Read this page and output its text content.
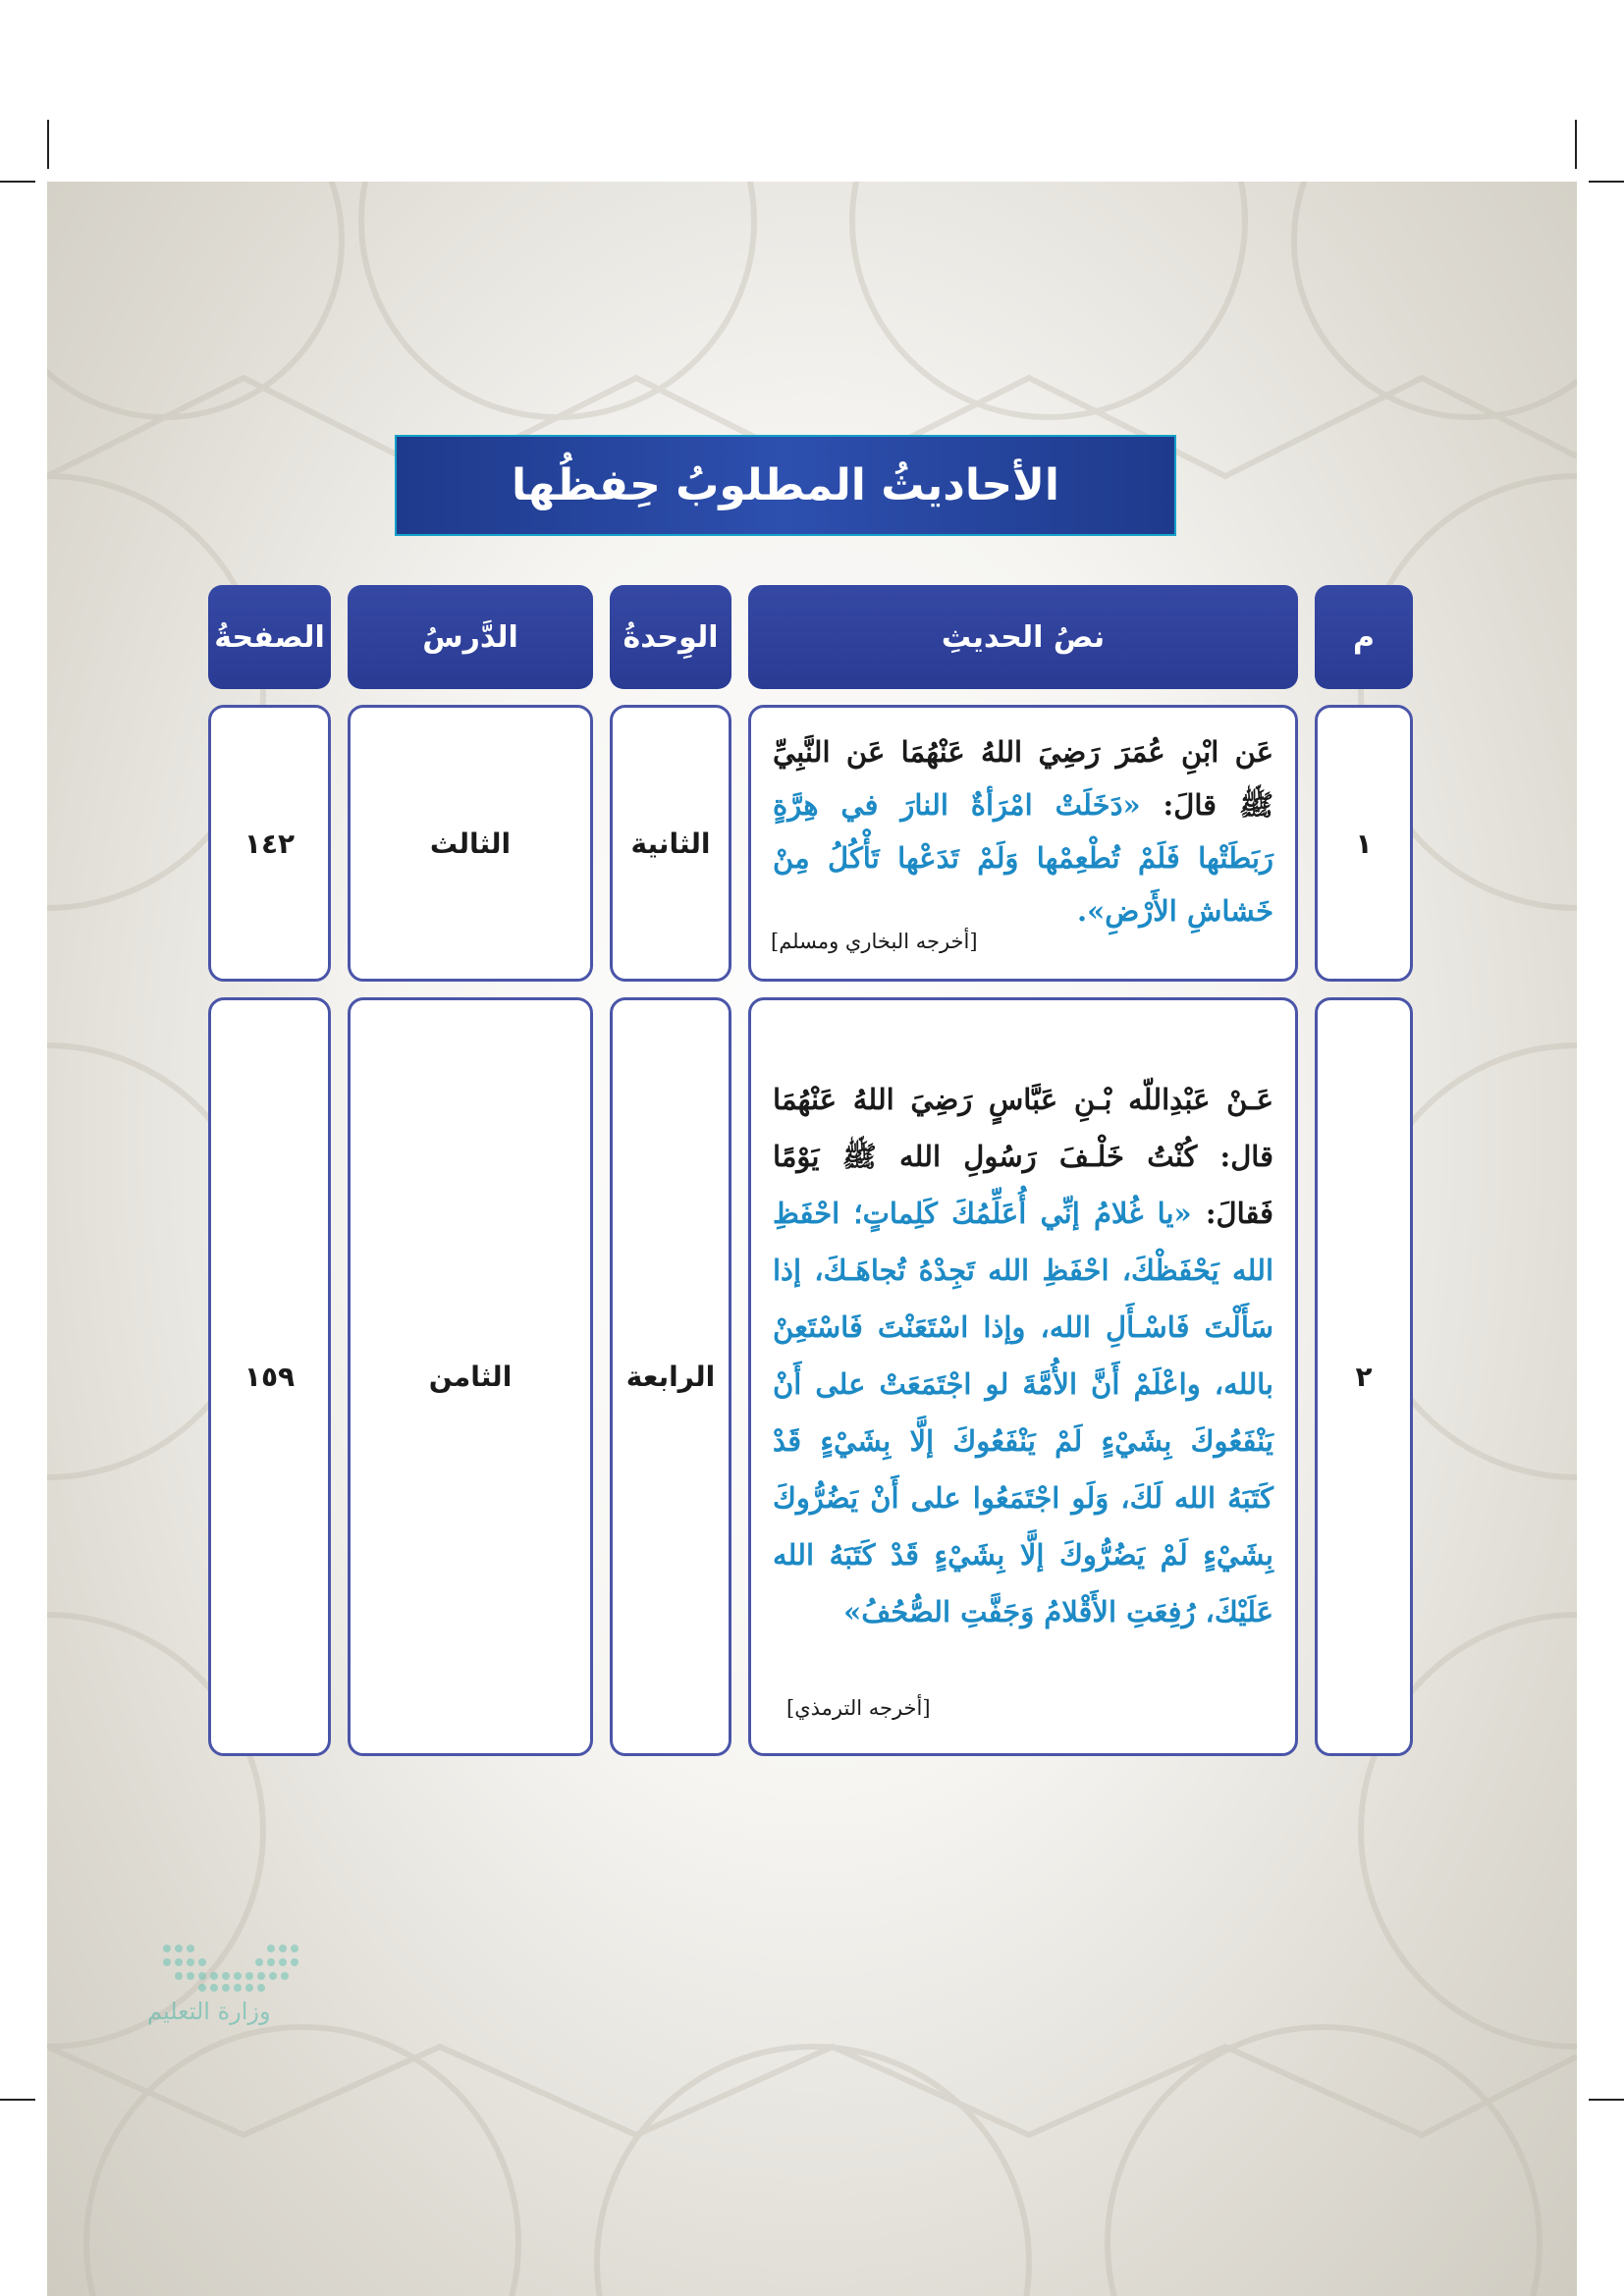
الأحاديثُ المطلوبُ حِفظُها
م
نصُ الحديثِ
الوِحدةُ
الدَّرسُ
الصفحةُ
١

عَن ابْنِ عُمَرَ رَضِيَ اللهُ عَنْهُمَا عَن النَّبِيِّ ﷺ قالَ: «دَخَلَتْ امْرَأةٌ النارَ في هِرَّةٍ رَبَطَتْها فَلَمْ تُطْعِمْها وَلَمْ تَدَعْها تَأْكُلُ مِنْ خَشاشِ الأَرْضِ».

[أخرجه البخاري ومسلم]
الثانية
الثالث
١٤٢
٢

عَـنْ عَبْدِاللّه بْـنِ عَبَّاسٍ رَضِيَ اللهُ عَنْهُمَا قال: كُنْتُ خَلْـفَ رَسُولِ الله ﷺ يَوْمًا فَقالَ: «يا غُلامُ إنِّي أُعَلِّمُكَ كَلِماتٍ؛ احْفَظِ الله يَحْفَظْكَ، احْفَظِ الله تَجِدْهُ تُجاهَـكَ، إذا سَأَلْتَ فَاسْـأَلِ الله، وإذا اسْتَعَنْتَ فَاسْتَعِنْ بالله، واعْلَمْ أَنَّ الأُمَّةَ لو اجْتَمَعَتْ على أَنْ يَنْفَعُوكَ بِشَيْءٍ لَمْ يَنْفَعُوكَ إلَّا بِشَيْءٍ قَدْ كَتَبَهُ الله لَكَ، وَلَو اجْتَمَعُوا على أَنْ يَضُرُّوكَ بِشَيْءٍ لَمْ يَضُرُّوكَ إلَّا بِشَيْءٍ قَدْ كَتَبَهُ الله عَلَيْكَ، رُفِعَتِ الأَقْلامُ وَجَفَّتِ الصُّحُفُ»

[أخرجه الترمذي]
الرابعة
الثامن
١٥٩
وزارة التعليم
